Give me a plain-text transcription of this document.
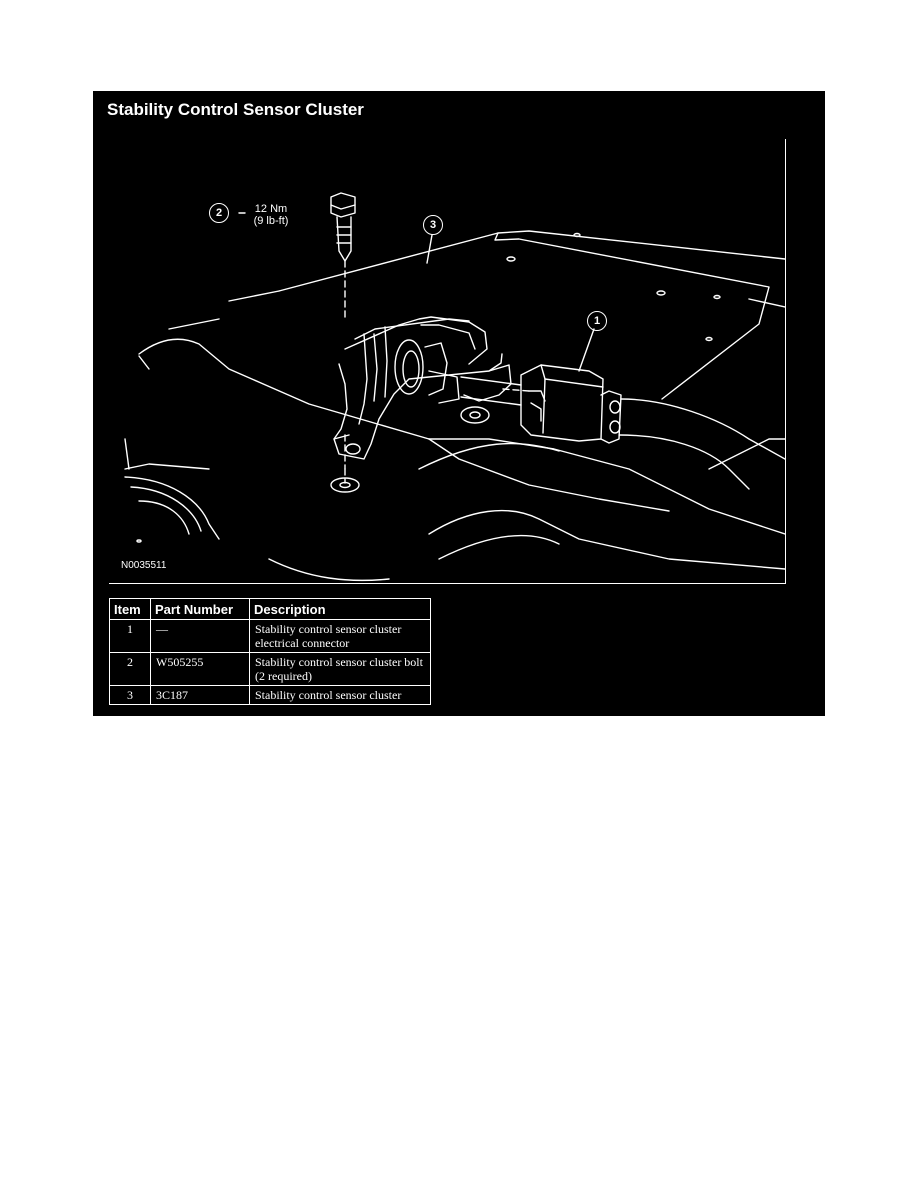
Stability Control Sensor Cluster
12 Nm
(9 lb-ft)
2
3
1
N0035511
Item	Part Number	Description
1	—	Stability control sensor cluster electrical connector
2	W505255	Stability control sensor cluster bolt (2 required)
3	3C187	Stability control sensor cluster
